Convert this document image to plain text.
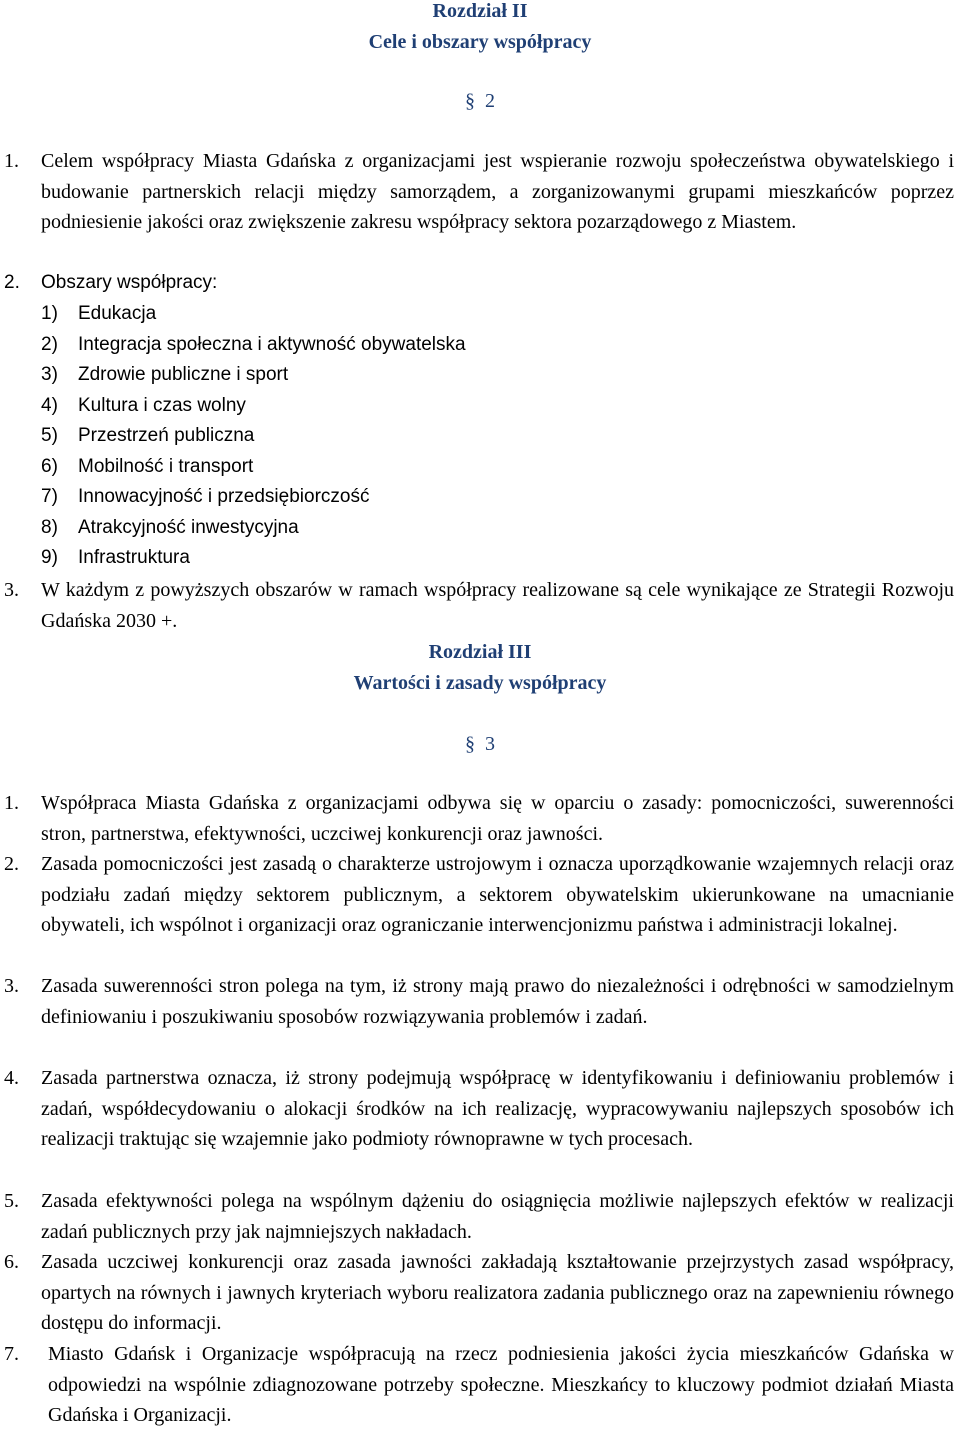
Rozdział II
Cele i obszary współpracy
§ 2
1.	Celem współpracy Miasta Gdańska z organizacjami jest wspieranie rozwoju społeczeństwa obywatelskiego i budowanie partnerskich relacji między samorządem, a zorganizowanymi grupami mieszkańców poprzez podniesienie jakości oraz zwiększenie zakresu współpracy sektora pozarządowego z Miastem.
2.	Obszary współpracy:
1) Edukacja
2) Integracja społeczna i aktywność obywatelska
3) Zdrowie publiczne i sport
4) Kultura i czas wolny
5) Przestrzeń publiczna
6) Mobilność i transport
7) Innowacyjność i przedsiębiorczość
8) Atrakcyjność inwestycyjna
9) Infrastruktura
3.	W każdym z powyższych obszarów w ramach współpracy realizowane są cele wynikające ze Strategii Rozwoju Gdańska 2030 +.
Rozdział III
Wartości i zasady współpracy
§ 3
1.	Współpraca Miasta Gdańska z organizacjami odbywa się w oparciu o zasady: pomocniczości, suwerenności stron, partnerstwa, efektywności, uczciwej konkurencji oraz jawności.
2.	Zasada pomocniczości jest zasadą o charakterze ustrojowym i oznacza uporządkowanie wzajemnych relacji oraz podziału zadań między sektorem publicznym, a sektorem obywatelskim ukierunkowane na umacnianie obywateli, ich wspólnot i organizacji oraz ograniczanie interwencjonizmu państwa i administracji lokalnej.
3.	Zasada suwerenności stron polega na tym, iż strony mają prawo do niezależności i odrębności w samodzielnym definiowaniu i poszukiwaniu sposobów rozwiązywania problemów i zadań.
4.	Zasada partnerstwa oznacza, iż strony podejmują współpracę w identyfikowaniu i definiowaniu problemów i zadań, współdecydowaniu o alokacji środków na ich realizację, wypracowywaniu najlepszych sposobów ich realizacji traktując się wzajemnie jako podmioty równoprawne w tych procesach.
5.	Zasada efektywności polega na wspólnym dążeniu do osiągnięcia możliwie najlepszych efektów w realizacji zadań publicznych przy jak najmniejszych nakładach.
6.	Zasada uczciwej konkurencji oraz zasada jawności zakładają kształtowanie przejrzystych zasad współpracy, opartych na równych i jawnych kryteriach wyboru realizatora zadania publicznego oraz na zapewnieniu równego dostępu do informacji.
7.	Miasto Gdańsk i Organizacje współpracują na rzecz podniesienia jakości życia mieszkańców Gdańska w odpowiedzi na wspólnie zdiagnozowane potrzeby społeczne. Mieszkańcy to kluczowy podmiot działań Miasta Gdańska i Organizacji.
